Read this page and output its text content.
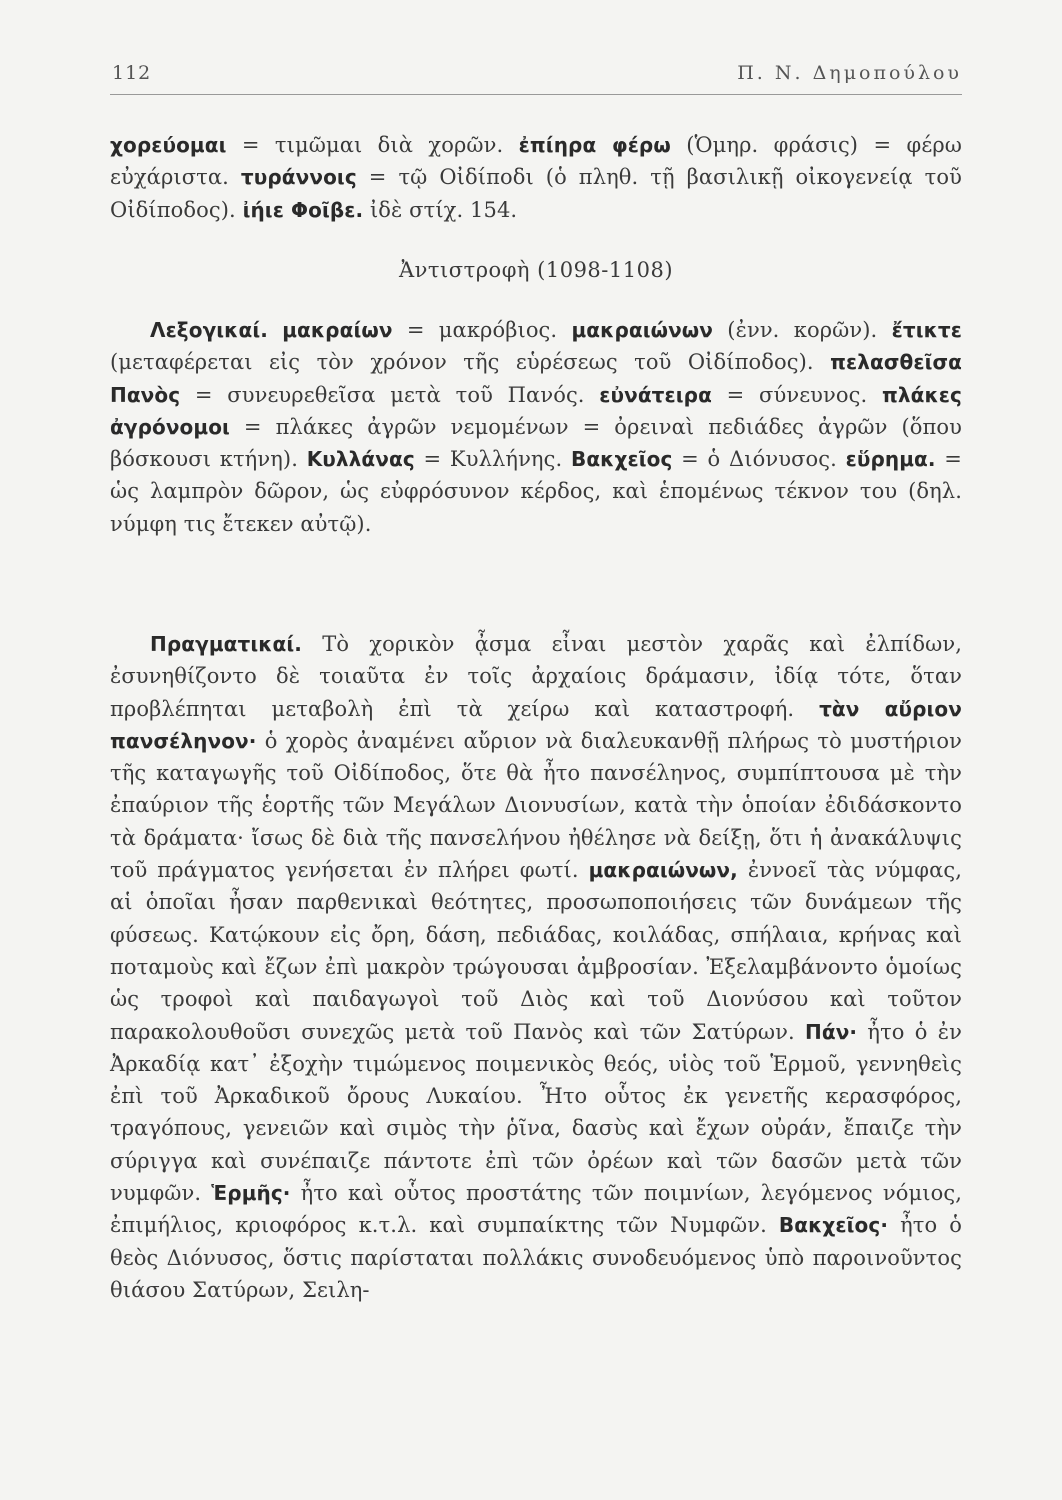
112	Π. Ν. Δημοπούλου
χορεύομαι = τιμῶμαι διὰ χορῶν. ἐπίηρα φέρω (Ὁμηρ. φράσις) = φέρω εὐχάριστα. τυράννοις = τῷ Οἰδίποδι (ὁ πληθ. τῇ βασιλικῇ οἰκογενείᾳ τοῦ Οἰδίποδος). ἰήιε Φοῖβε. ἰδὲ στίχ. 154.
Ἀντιστροφὴ (1098-1108)
Λεξογικαί. μακραίων = μακρόβιος. μακραιώνων (ἐνν. κορῶν). ἔτικτε (μεταφέρεται εἰς τὸν χρόνον τῆς εὑρέσεως τοῦ Οἰδίποδος). πελασθεῖσα Πανὸς = συνευρεθεῖσα μετὰ τοῦ Πανός. εὐνάτειρα = σύνευνος. πλάκες ἀγρόνομοι = πλάκες ἀγρῶν νεμομένων = ὀρειναὶ πεδιάδες ἀγρῶν (ὅπου βόσκουσι κτήνη). Κυλλάνας = Κυλλήνης. Βακχεῖος = ὁ Διόνυσος. εὕρημα. = ὡς λαμπρὸν δῶρον, ὡς εὐφρόσυνον κέρδος, καὶ ἑπομένως τέκνον του (δηλ. νύμφη τις ἔτεκεν αὐτῷ).
Πραγματικαί. Τὸ χορικὸν ᾆσμα εἶναι μεστὸν χαρᾶς καὶ ἐλπίδων, ἐσυνηθίζοντο δὲ τοιαῦτα ἐν τοῖς ἀρχαίοις δράμασιν, ἰδίᾳ τότε, ὅταν προβλέπηται μεταβολὴ ἐπὶ τὰ χείρω καὶ καταστροφή. τὰν αὔριον πανσέληνον· ὁ χορὸς ἀναμένει αὔριον νὰ διαλευκανθῇ πλήρως τὸ μυστήριον τῆς καταγωγῆς τοῦ Οἰδίποδος, ὅτε θὰ ἦτο πανσέληνος, συμπίπτουσα μὲ τὴν ἐπαύριον τῆς ἑορτῆς τῶν Μεγάλων Διονυσίων, κατὰ τὴν ὁποίαν ἐδιδάσκοντο τὰ δράματα· ἴσως δὲ διὰ τῆς πανσελήνου ἠθέλησε νὰ δείξῃ, ὅτι ἡ ἀνακάλυψις τοῦ πράγματος γενήσεται ἐν πλήρει φωτί. μακραιώνων, ἐννοεῖ τὰς νύμφας, αἱ ὁποῖαι ἦσαν παρθενικαὶ θεότητες, προσωποποιήσεις τῶν δυνάμεων τῆς φύσεως. Κατῴκουν εἰς ὄρη, δάση, πεδιάδας, κοιλάδας, σπήλαια, κρήνας καὶ ποταμοὺς καὶ ἔζων ἐπὶ μακρὸν τρώγουσαι ἀμβροσίαν. Ἐξελαμβάνοντο ὁμοίως ὡς τροφοὶ καὶ παιδαγωγοὶ τοῦ Διὸς καὶ τοῦ Διονύσου καὶ τοῦτον παρακολουθοῦσι συνεχῶς μετὰ τοῦ Πανὸς καὶ τῶν Σατύρων. Πάν· ἦτο ὁ ἐν Ἀρκαδίᾳ κατ᾽ ἐξοχὴν τιμώμενος ποιμενικὸς θεός, υἱὸς τοῦ Ἑρμοῦ, γεννηθεὶς ἐπὶ τοῦ Ἀρκαδικοῦ ὄρους Λυκαίου. Ἦτο οὗτος ἐκ γενετῆς κερασφόρος, τραγόπους, γενειῶν καὶ σιμὸς τὴν ῥῖνα, δασὺς καὶ ἔχων οὐράν, ἔπαιζε τὴν σύριγγα καὶ συνέπαιζε πάντοτε ἐπὶ τῶν ὀρέων καὶ τῶν δασῶν μετὰ τῶν νυμφῶν. Ἑρμῆς· ἦτο καὶ οὗτος προστάτης τῶν ποιμνίων, λεγόμενος νόμιος, ἐπιμήλιος, κριοφόρος κ.τ.λ. καὶ συμπαίκτης τῶν Νυμφῶν. Βακχεῖος· ἦτο ὁ θεὸς Διόνυσος, ὅστις παρίσταται πολλάκις συνοδευόμενος ὑπὸ παροινοῦντος θιάσου Σατύρων, Σειλη-
